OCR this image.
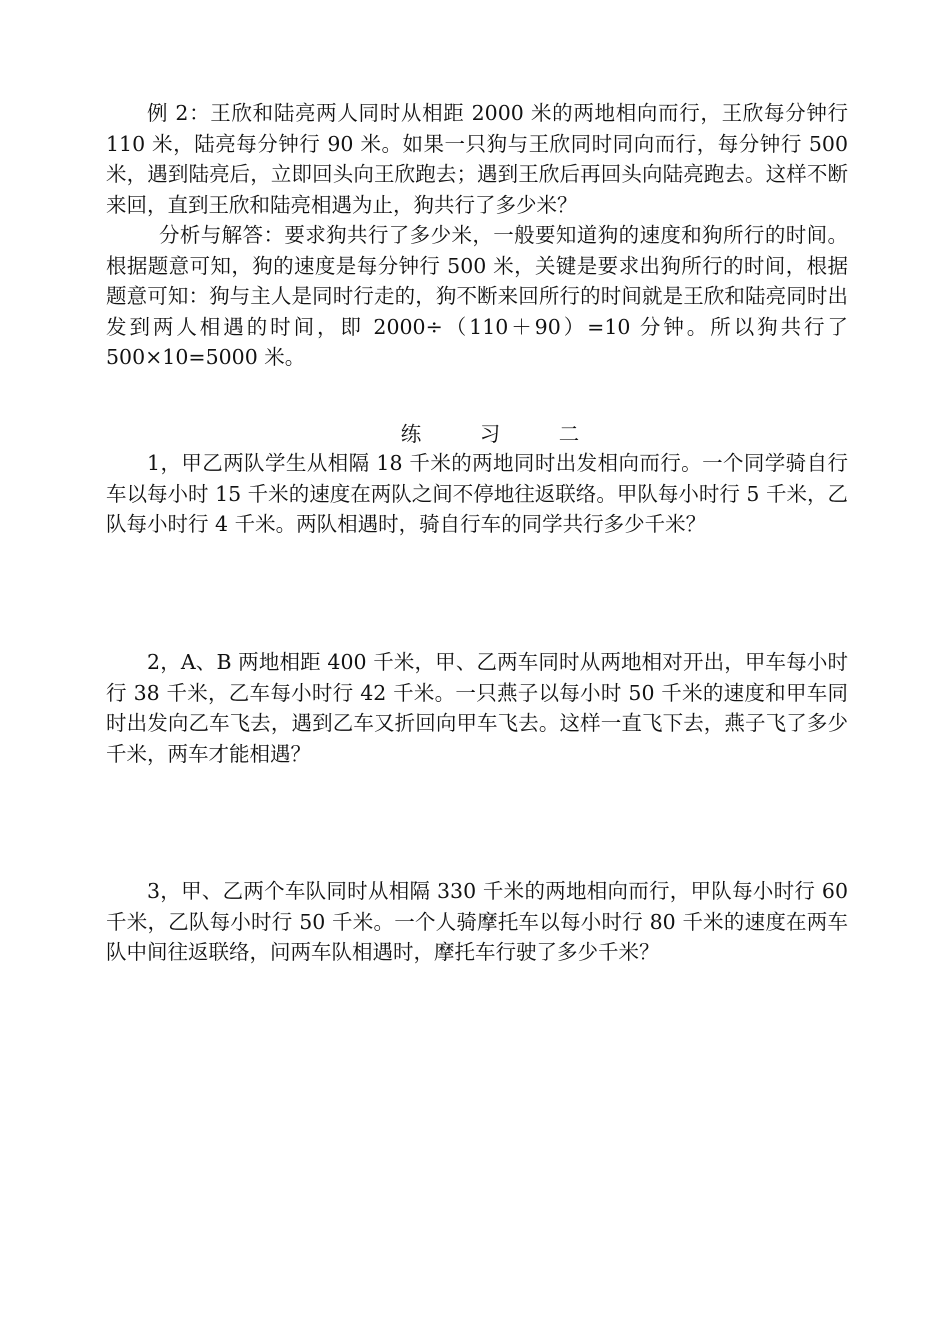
例 2：王欣和陆亮两人同时从相距 2000 米的两地相向而行，王欣每分钟行 110 米，陆亮每分钟行 90 米。如果一只狗与王欣同时同向而行，每分钟行 500 米，遇到陆亮后，立即回头向王欣跑去；遇到王欣后再回头向陆亮跑去。这样不断来回，直到王欣和陆亮相遇为止，狗共行了多少米？

分析与解答：要求狗共行了多少米，一般要知道狗的速度和狗所行的时间。根据题意可知，狗的速度是每分钟行 500 米，关键是要求出狗所行的时间，根据题意可知：狗与主人是同时行走的，狗不断来回所行的时间就是王欣和陆亮同时出发到两人相遇的时间，即 2000÷（110＋90）=10 分钟。所以狗共行了 500×10=5000 米。

练 习 二

1，甲乙两队学生从相隔 18 千米的两地同时出发相向而行。一个同学骑自行车以每小时 15 千米的速度在两队之间不停地往返联络。甲队每小时行 5 千米，乙队每小时行 4 千米。两队相遇时，骑自行车的同学共行多少千米？

2，A、B 两地相距 400 千米，甲、乙两车同时从两地相对开出，甲车每小时行 38 千米，乙车每小时行 42 千米。一只燕子以每小时 50 千米的速度和甲车同时出发向乙车飞去，遇到乙车又折回向甲车飞去。这样一直飞下去，燕子飞了多少千米，两车才能相遇？

3，甲、乙两个车队同时从相隔 330 千米的两地相向而行，甲队每小时行 60 千米，乙队每小时行 50 千米。一个人骑摩托车以每小时行 80 千米的速度在两车队中间往返联络，问两车队相遇时，摩托车行驶了多少千米？
